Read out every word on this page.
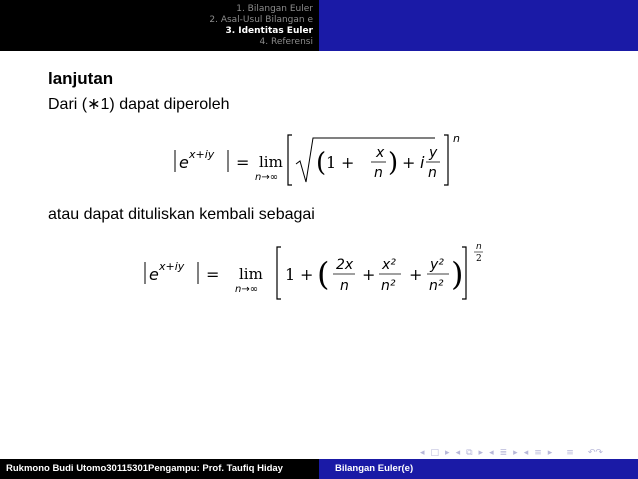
1. Bilangan Euler
2. Asal-Usul Bilangan e
3. Identitas Euler
4. Referensi
lanjutan
Dari (∗1) dapat diperoleh
e x+iy = lim
n→∞ ( 1 + x
n ) + i y
n
n
atau dapat dituliskan kembali sebagai
e x+iy = lim
n→∞
1 + ( 2x
n
+ x²
n²
+ y²
n² )
n
2
◂ □ ▸ ◂ ⧉ ▸ ◂ ≣ ▸ ◂ ≡ ▸ ≡ ↶↷
Rukmono Budi Utomo30115301Pengampu: Prof. Taufiq Hiday	Bilangan Euler(e)
